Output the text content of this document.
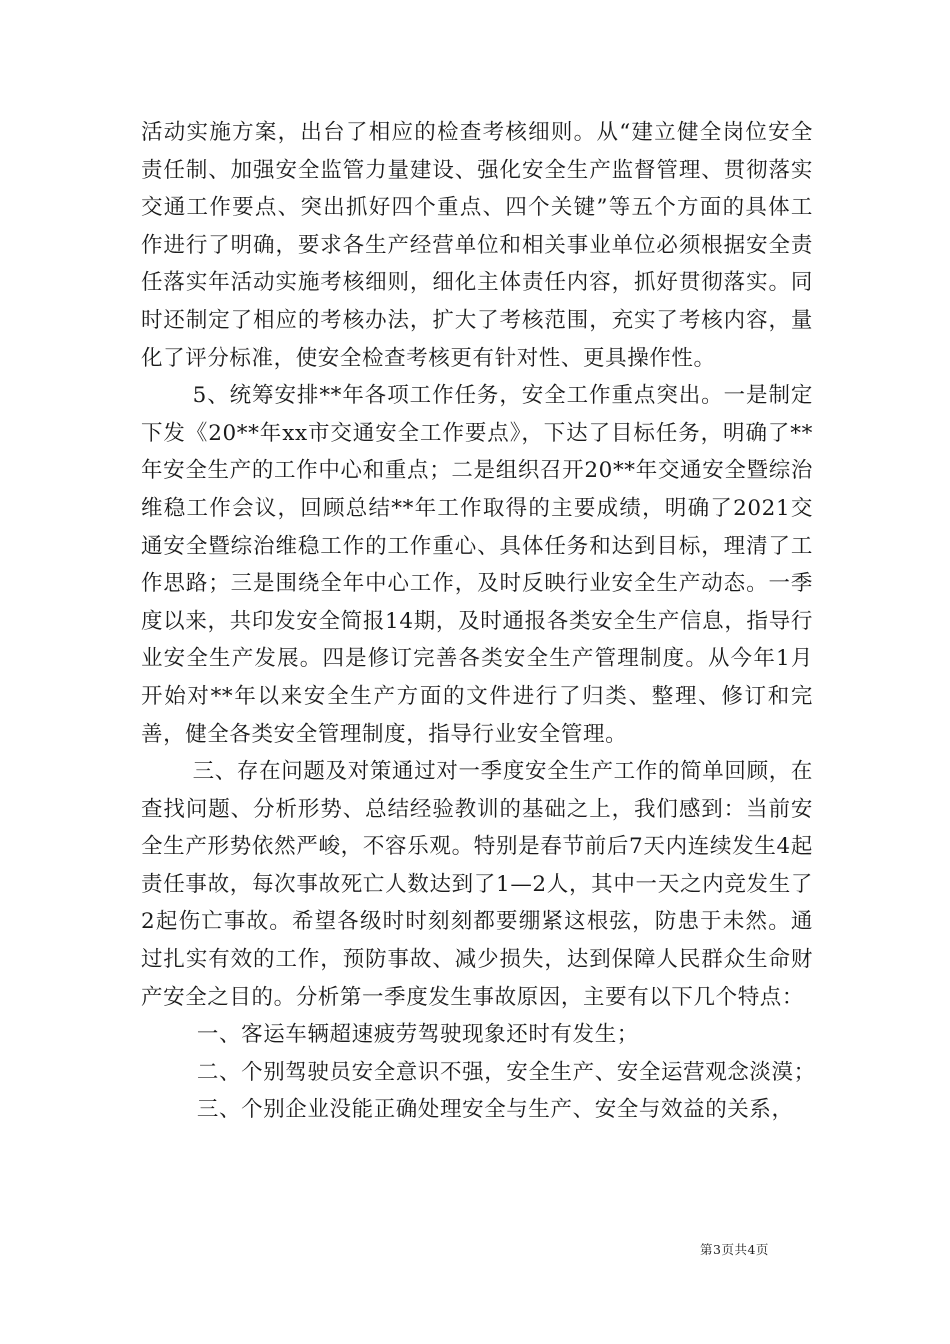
活动实施方案，出台了相应的检查考核细则。从“建立健全岗位安全责任制、加强安全监管力量建设、强化安全生产监督管理、贯彻落实交通工作要点、突出抓好四个重点、四个关键”等五个方面的具体工作进行了明确，要求各生产经营单位和相关事业单位必须根据安全责任落实年活动实施考核细则，细化主体责任内容，抓好贯彻落实。同时还制定了相应的考核办法，扩大了考核范围，充实了考核内容，量化了评分标准，使安全检查考核更有针对性、更具操作性。

5、统筹安排**年各项工作任务，安全工作重点突出。一是制定下发《20**年xx市交通安全工作要点》，下达了目标任务，明确了**年安全生产的工作中心和重点；二是组织召开20**年交通安全暨综治维稳工作会议，回顾总结**年工作取得的主要成绩，明确了2021交通安全暨综治维稳工作的工作重心、具体任务和达到目标，理清了工作思路；三是围绕全年中心工作，及时反映行业安全生产动态。一季度以来，共印发安全简报14期，及时通报各类安全生产信息，指导行业安全生产发展。四是修订完善各类安全生产管理制度。从今年1月开始对**年以来安全生产方面的文件进行了归类、整理、修订和完善，健全各类安全管理制度，指导行业安全管理。

三、存在问题及对策通过对一季度安全生产工作的简单回顾，在查找问题、分析形势、总结经验教训的基础之上，我们感到：当前安全生产形势依然严峻，不容乐观。特别是春节前后7天内连续发生4起责任事故，每次事故死亡人数达到了1—2人，其中一天之内竞发生了2起伤亡事故。希望各级时时刻刻都要绷紧这根弦，防患于未然。通过扎实有效的工作，预防事故、减少损失，达到保障人民群众生命财产安全之目的。分析第一季度发生事故原因，主要有以下几个特点：

一、客运车辆超速疲劳驾驶现象还时有发生；

二、个别驾驶员安全意识不强，安全生产、安全运营观念淡漠；

三、个别企业没能正确处理安全与生产、安全与效益的关系，

第3页共4页
